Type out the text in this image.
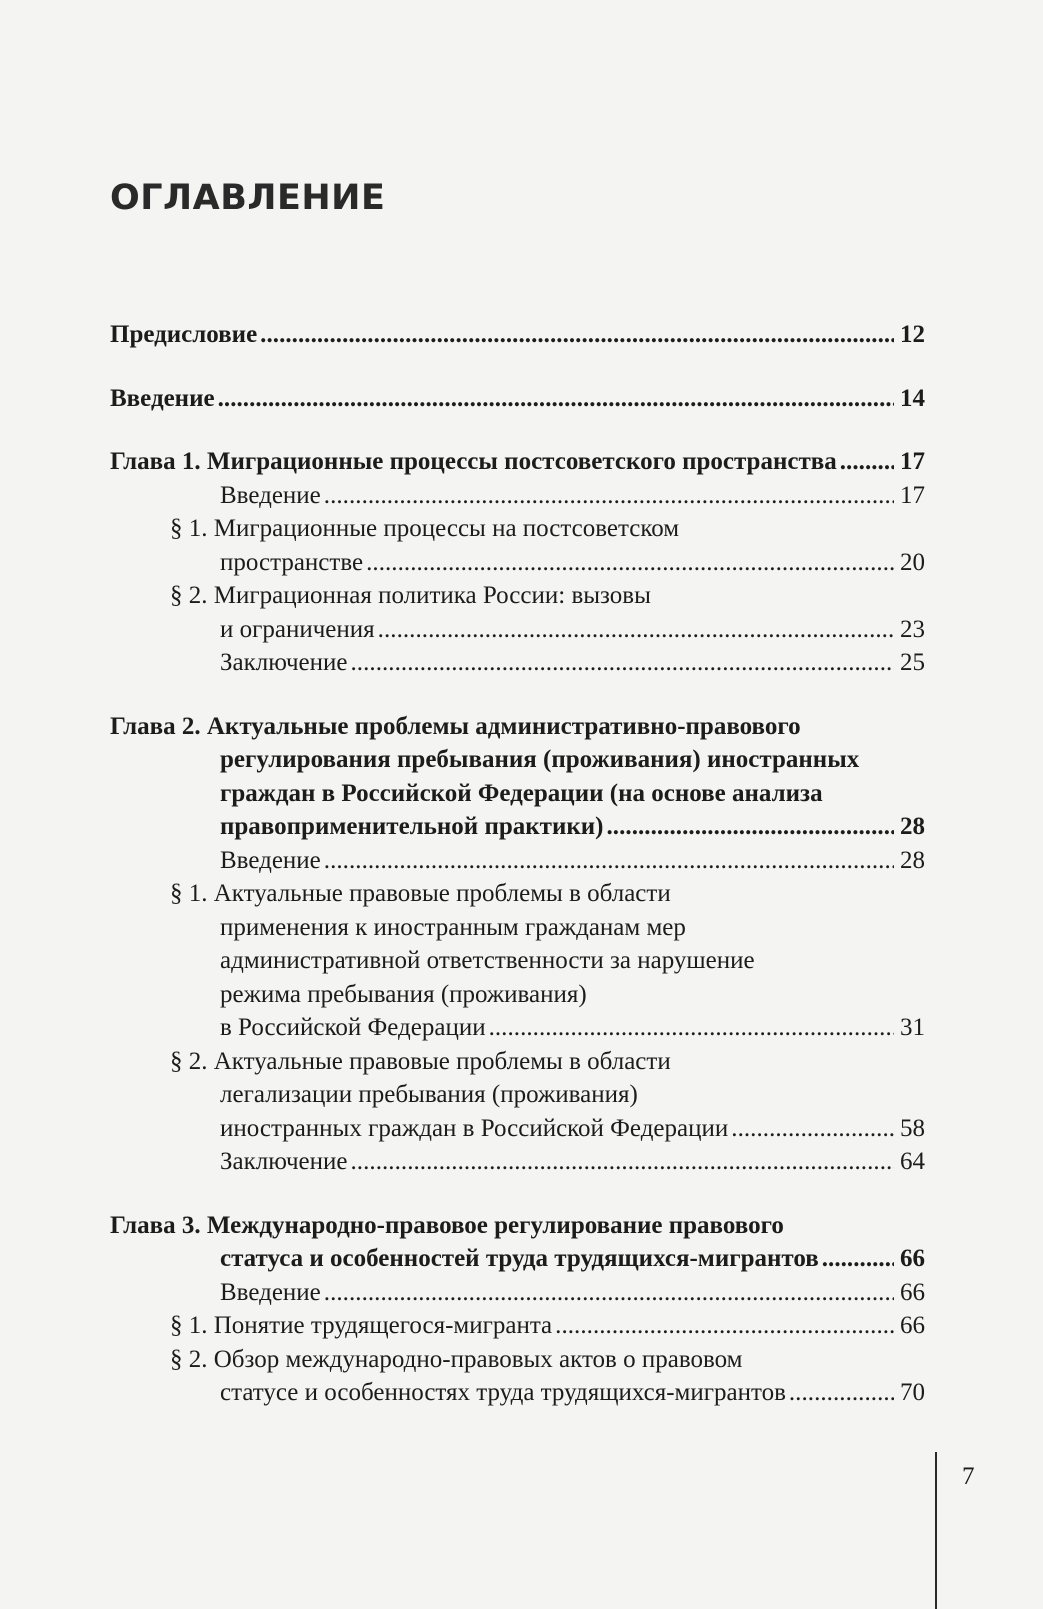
ОГЛАВЛЕНИЕ
Предисловие . . .	12
Введение . . .	14
Глава 1. Миграционные процессы постсоветского пространства . . .	17
Введение . . .	17
§ 1. Миграционные процессы на постсоветском
пространстве . . .	20
§ 2. Миграционная политика России: вызовы
и ограничения . . .	23
Заключение . . .	25
Глава 2. Актуальные проблемы административно-правового
регулирования пребывания (проживания) иностранных
граждан в Российской Федерации (на основе анализа
правоприменительной практики) . . .	28
Введение . . .	28
§ 1. Актуальные правовые проблемы в области
применения к иностранным гражданам мер
административной ответственности за нарушение
режима пребывания (проживания)
в Российской Федерации . . .	31
§ 2. Актуальные правовые проблемы в области
легализации пребывания (проживания)
иностранных граждан в Российской Федерации . . .	58
Заключение . . .	64
Глава 3. Международно-правовое регулирование правового
статуса и особенностей труда трудящихся-мигрантов . . .	66
Введение . . .	66
§ 1. Понятие трудящегося-мигранта . . .	66
§ 2. Обзор международно-правовых актов о правовом
статусе и особенностях труда трудящихся-мигрантов . . .	70
7
